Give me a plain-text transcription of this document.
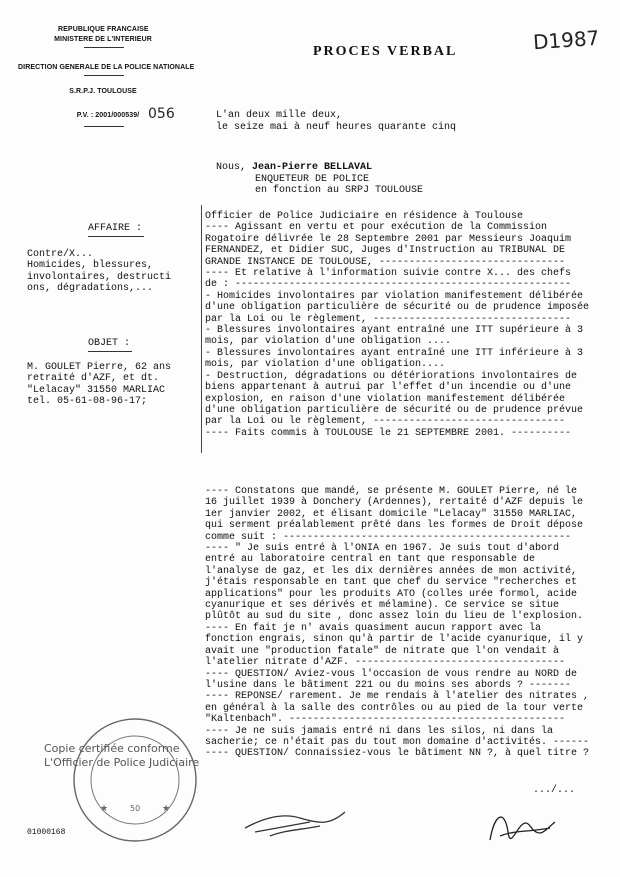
REPUBLIQUE FRANCAISE
MINISTERE DE L'INTERIEUR
DIRECTION GENERALE DE LA POLICE NATIONALE
S.R.P.J. TOULOUSE
P.V. : 2001/000539/ 056
PROCES VERBAL	D1987
L'an deux mille deux,
le seize mai à neuf heures quarante cinq
Nous, Jean-Pierre BELLAVAL
ENQUETEUR DE POLICE
en fonction au SRPJ TOULOUSE
AFFAIRE :
Contre/X...
Homicides, blessures,
involontaires, destructi
ons, dégradations,...
OBJET :
M. GOULET Pierre, 62 ans
retraité d'AZF, et dt.
"Lelacay" 31550 MARLIAC
tel. 05-61-08-96-17;
Officier de Police Judiciaire en résidence à Toulouse
---- Agissant en vertu et pour exécution de la Commission
Rogatoire délivrée le 28 Septembre 2001 par Messieurs Joaquim
FERNANDEZ, et Didier SUC, Juges d'Instruction au TRIBUNAL DE
GRANDE INSTANCE DE TOULOUSE, -------------------------------
---- Et relative à l'information suivie contre X... des chefs
de : --------------------------------------------------------
- Homicides involontaires par violation manifestement délibérée
d'une obligation particulière de sécurité ou de prudence imposée
par la Loi ou le règlement, ---------------------------------
- Blessures involontaires ayant entraîné une ITT supérieure à 3
mois, par violation d'une obligation ....
- Blessures involontaires ayant entraîné une ITT inférieure à 3
mois, par violation d'une obligation....
- Destruction, dégradations ou détériorations involontaires de
biens appartenant à autrui par l'effet d'un incendie ou d'une
explosion, en raison d'une violation manifestement délibérée
d'une obligation particulière de sécurité ou de prudence prévue
par la Loi ou le règlement, --------------------------------
---- Faits commis à TOULOUSE le 21 SEPTEMBRE 2001. ----------
---- Constatons que mandé, se présente M. GOULET Pierre, né le
16 juillet 1939 à Donchery (Ardennes), rertaité d'AZF depuis le
1er janvier 2002, et élisant domicile "Lelacay" 31550 MARLIAC,
qui serment préalablement prêté dans les formes de Droit dépose
comme suit : ------------------------------------------------
---- " Je suis entré à l'ONIA en 1967. Je suis tout d'abord
entré au laboratoire central en tant que responsable de
l'analyse de gaz, et les dix dernières années de mon activité,
j'étais responsable en tant que chef du service "recherches et
applications" pour les produits ATO (colles urée formol, acide
cyanurique et ses dérivés et mélamine). Ce service se situe
plûtôt au sud du site , donc assez loin du lieu de l'explosion.
---- En fait je n' avais quasiment aucun rapport avec la
fonction engrais, sinon qu'à partir de l'acide cyanurique, il y
avait une "production fatale" de nitrate que l'on vendait à
l'atelier nitrate d'AZF. -----------------------------------
---- QUESTION/ Aviez-vous l'occasion de vous rendre au NORD de
l'usine dans le bâtiment 221 ou du moins ses abords ? -------
---- REPONSE/ rarement. Je me rendais à l'atelier des nitrates ,
en général à la salle des contrôles ou au pied de la tour verte
"Kaltenbach". ----------------------------------------------
---- Je ne suis jamais entré ni dans les silos, ni dans la
sacherie; ce n'était pas du tout mon domaine d'activités. ------
---- QUESTION/ Connaissiez-vous le bâtiment NN ?, à quel titre ?
.../...
★	★
50
Copie certifiée conforme
L'Officier de Police Judiciaire
01000168
